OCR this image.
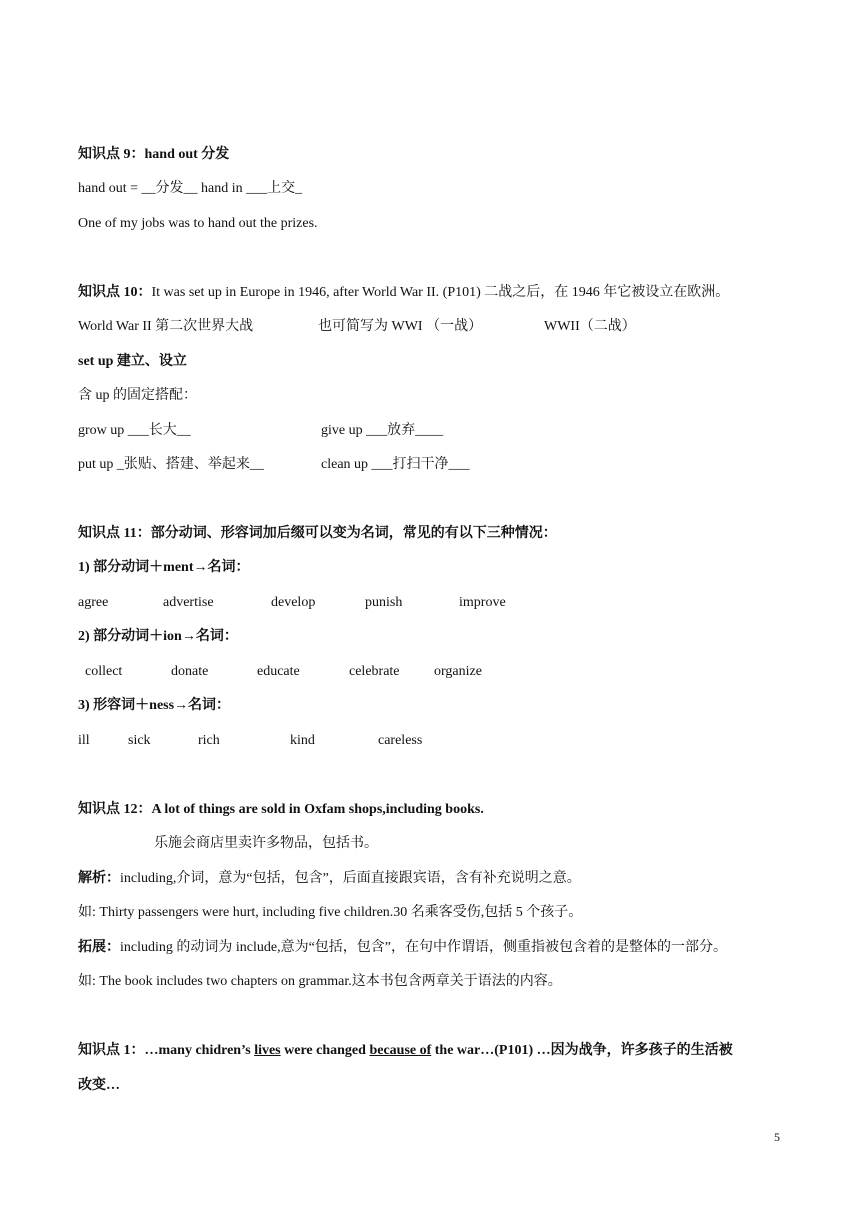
知识点 9：hand out 分发
hand out = __分发__ hand in ___上交_
One of my jobs was to hand out the prizes.
知识点 10：It was set up in Europe in 1946, after World War II. (P101) 二战之后，在 1946 年它被设立在欧洲。
World War II 第二次世界大战	也可简写为 WWI （一战）	WWII（二战）
set up 建立、设立
含 up 的固定搭配：
grow up ___长大__	give up ___放弃____
put up _张贴、搭建、举起来__	clean up ___打扫干净___
知识点 11：部分动词、形容词加后缀可以变为名词，常见的有以下三种情况：
1) 部分动词＋ment→名词：
agree	advertise	develop	punish	improve
2) 部分动词＋ion→名词：
collect	donate	educate	celebrate organize
3) 形容词＋ness→名词：
ill	sick	rich	kind	careless
知识点 12：A lot of things are sold in Oxfam shops,including books.
乐施会商店里卖许多物品，包括书。
解析：including,介词，意为“包括，包含”，后面直接跟宾语，含有补充说明之意。
如: Thirty passengers were hurt, including five children.30 名乘客受伤,包括 5 个孩子。
拓展：including 的动词为 include,意为“包括，包含”，在句中作谓语，侧重指被包含着的是整体的一部分。
如: The book includes two chapters on grammar.这本书包含两章关于语法的内容。
知识点 1：…many chidren’s lives were changed because of the war…(P101) …因为战争，许多孩子的生活被
改变…
5
